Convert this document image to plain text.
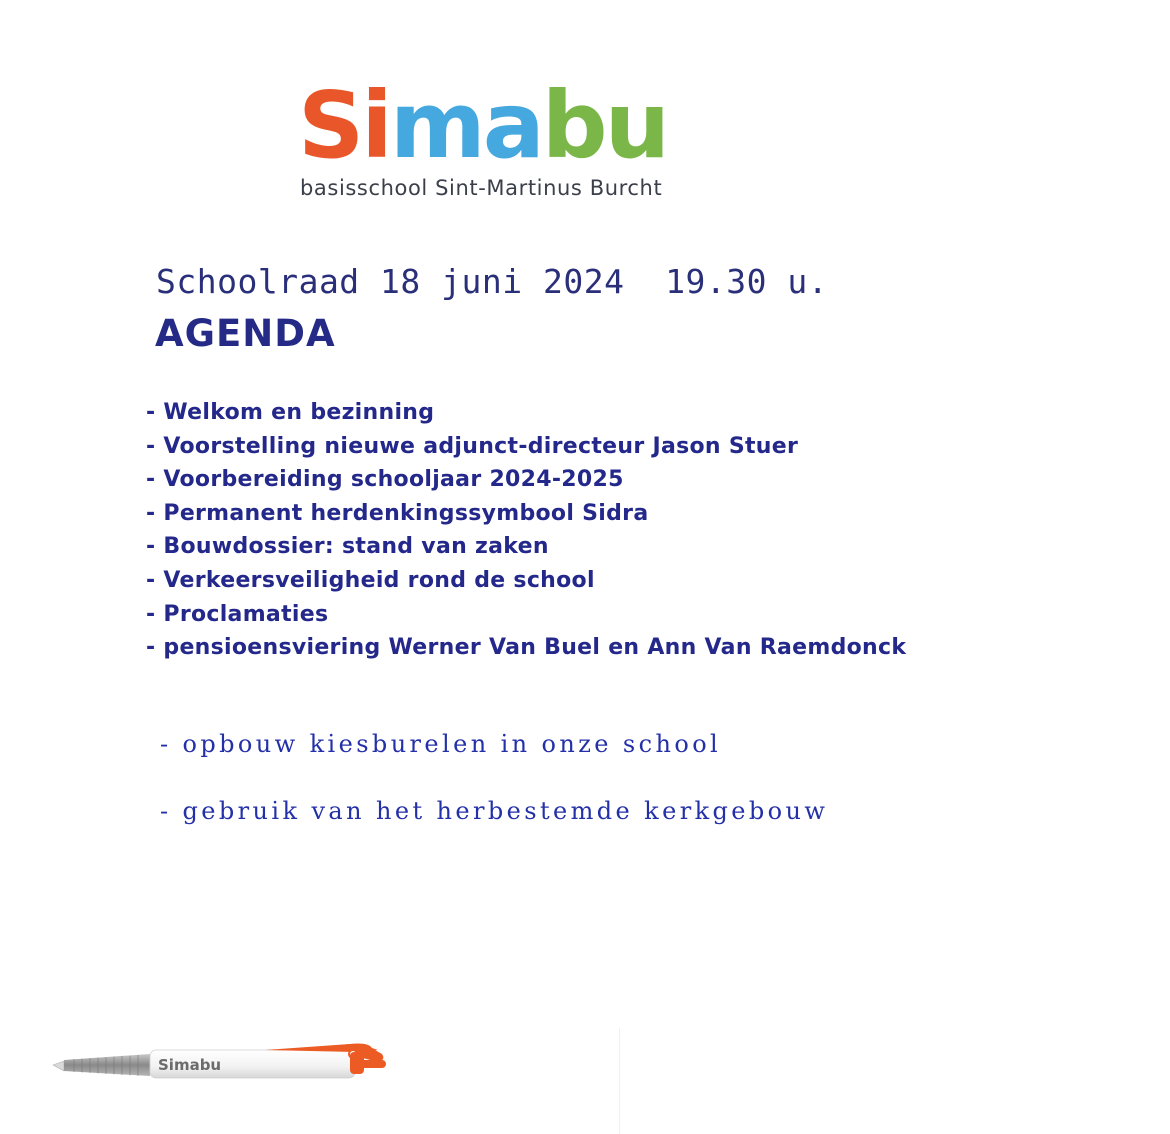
Simabu
basisschool Sint-Martinus Burcht
Schoolraad 18 juni 2024  19.30 u.
AGENDA
- Welkom en bezinning
- Voorstelling nieuwe adjunct-directeur Jason Stuer
- Voorbereiding schooljaar 2024-2025
- Permanent herdenkingssymbool Sidra
- Bouwdossier: stand van zaken
- Verkeersveiligheid rond de school
- Proclamaties
- pensioensviering Werner Van Buel en Ann Van Raemdonck
- opbouw kiesburelen in onze school
- gebruik van het herbestemde kerkgebouw
Simabu
